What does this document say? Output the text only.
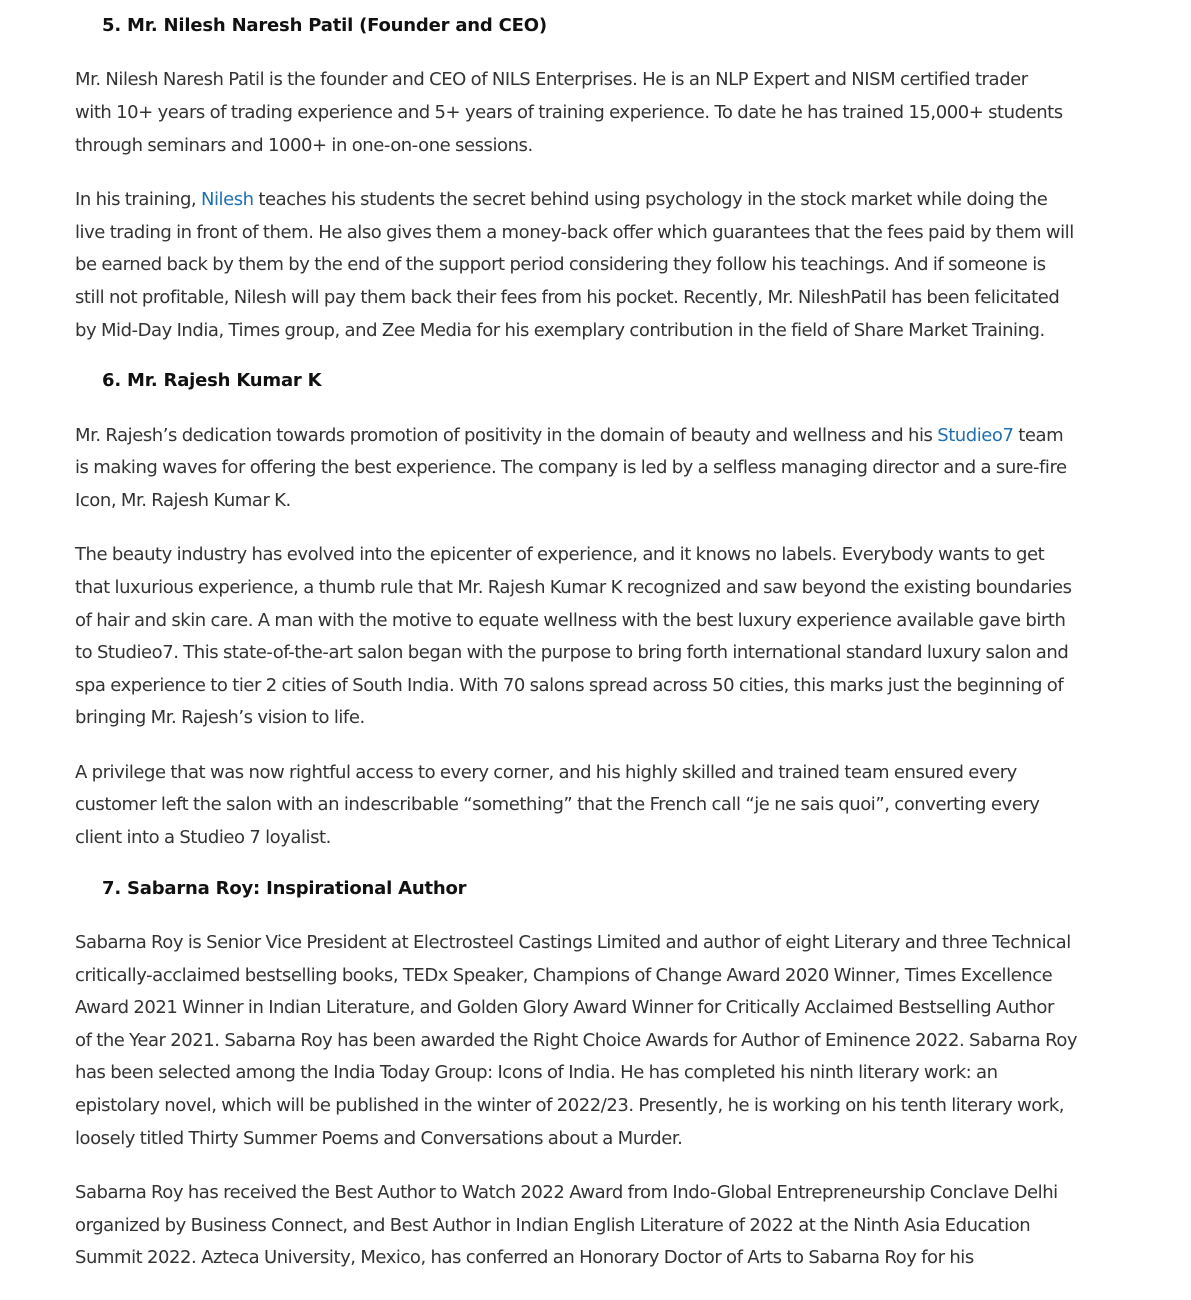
5. Mr. Nilesh Naresh Patil (Founder and CEO)

Mr. Nilesh Naresh Patil is the founder and CEO of NILS Enterprises. He is an NLP Expert and NISM certified trader
with 10+ years of trading experience and 5+ years of training experience. To date he has trained 15,000+ students
through seminars and 1000+ in one-on-one sessions.

In his training, Nilesh teaches his students the secret behind using psychology in the stock market while doing the
live trading in front of them. He also gives them a money-back offer which guarantees that the fees paid by them will
be earned back by them by the end of the support period considering they follow his teachings. And if someone is
still not profitable, Nilesh will pay them back their fees from his pocket. Recently, Mr. NileshPatil has been felicitated
by Mid-Day India, Times group, and Zee Media for his exemplary contribution in the field of Share Market Training.

6. Mr. Rajesh Kumar K

Mr. Rajesh’s dedication towards promotion of positivity in the domain of beauty and wellness and his Studieo7 team
is making waves for offering the best experience. The company is led by a selfless managing director and a sure-fire
Icon, Mr. Rajesh Kumar K.

The beauty industry has evolved into the epicenter of experience, and it knows no labels. Everybody wants to get
that luxurious experience, a thumb rule that Mr. Rajesh Kumar K recognized and saw beyond the existing boundaries
of hair and skin care. A man with the motive to equate wellness with the best luxury experience available gave birth
to Studieo7. This state-of-the-art salon began with the purpose to bring forth international standard luxury salon and
spa experience to tier 2 cities of South India. With 70 salons spread across 50 cities, this marks just the beginning of
bringing Mr. Rajesh’s vision to life.

A privilege that was now rightful access to every corner, and his highly skilled and trained team ensured every
customer left the salon with an indescribable “something” that the French call “je ne sais quoi”, converting every
client into a Studieo 7 loyalist.

7. Sabarna Roy: Inspirational Author

Sabarna Roy is Senior Vice President at Electrosteel Castings Limited and author of eight Literary and three Technical
critically-acclaimed bestselling books, TEDx Speaker, Champions of Change Award 2020 Winner, Times Excellence
Award 2021 Winner in Indian Literature, and Golden Glory Award Winner for Critically Acclaimed Bestselling Author
of the Year 2021. Sabarna Roy has been awarded the Right Choice Awards for Author of Eminence 2022. Sabarna Roy
has been selected among the India Today Group: Icons of India. He has completed his ninth literary work: an
epistolary novel, which will be published in the winter of 2022/23. Presently, he is working on his tenth literary work,
loosely titled Thirty Summer Poems and Conversations about a Murder.

Sabarna Roy has received the Best Author to Watch 2022 Award from Indo-Global Entrepreneurship Conclave Delhi
organized by Business Connect, and Best Author in Indian English Literature of 2022 at the Ninth Asia Education
Summit 2022. Azteca University, Mexico, has conferred an Honorary Doctor of Arts to Sabarna Roy for his
